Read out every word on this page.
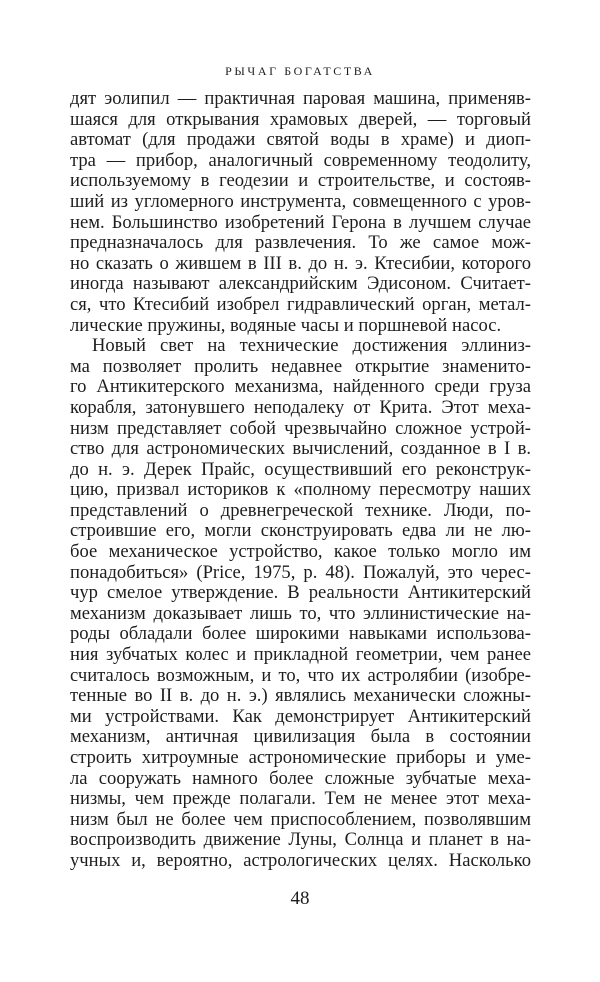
РЫЧАГ БОГАТСТВА
дят эолипил — практичная паровая машина, применяв-
шаяся для открывания храмовых дверей, — торговый
автомат (для продажи святой воды в храме) и диоп-
тра — прибор, аналогичный современному теодолиту,
используемому в геодезии и строительстве, и состояв-
ший из угломерного инструмента, совмещенного с уров-
нем. Большинство изобретений Герона в лучшем случае
предназначалось для развлечения. То же самое мож-
но сказать о жившем в III в. до н. э. Ктесибии, которого
иногда называют александрийским Эдисоном. Считает-
ся, что Ктесибий изобрел гидравлический орган, метал-
лические пружины, водяные часы и поршневой насос.
Новый свет на технические достижения эллиниз-
ма позволяет пролить недавнее открытие знаменито-
го Антикитерского механизма, найденного среди груза
корабля, затонувшего неподалеку от Крита. Этот меха-
низм представляет собой чрезвычайно сложное устрой-
ство для астрономических вычислений, созданное в I в.
до н. э. Дерек Прайс, осуществивший его реконструк-
цию, призвал историков к «полному пересмотру наших
представлений о древнегреческой технике. Люди, по-
строившие его, могли сконструировать едва ли не лю-
бое механическое устройство, какое только могло им
понадобиться» (Price, 1975, p. 48). Пожалуй, это черес-
чур смелое утверждение. В реальности Антикитерский
механизм доказывает лишь то, что эллинистические на-
роды обладали более широкими навыками использова-
ния зубчатых колес и прикладной геометрии, чем ранее
считалось возможным, и то, что их астролябии (изобре-
тенные во II в. до н. э.) являлись механически сложны-
ми устройствами. Как демонстрирует Антикитерский
механизм, античная цивилизация была в состоянии
строить хитроумные астрономические приборы и уме-
ла сооружать намного более сложные зубчатые меха-
низмы, чем прежде полагали. Тем не менее этот меха-
низм был не более чем приспособлением, позволявшим
воспроизводить движение Луны, Солнца и планет в на-
учных и, вероятно, астрологических целях. Насколько
48
